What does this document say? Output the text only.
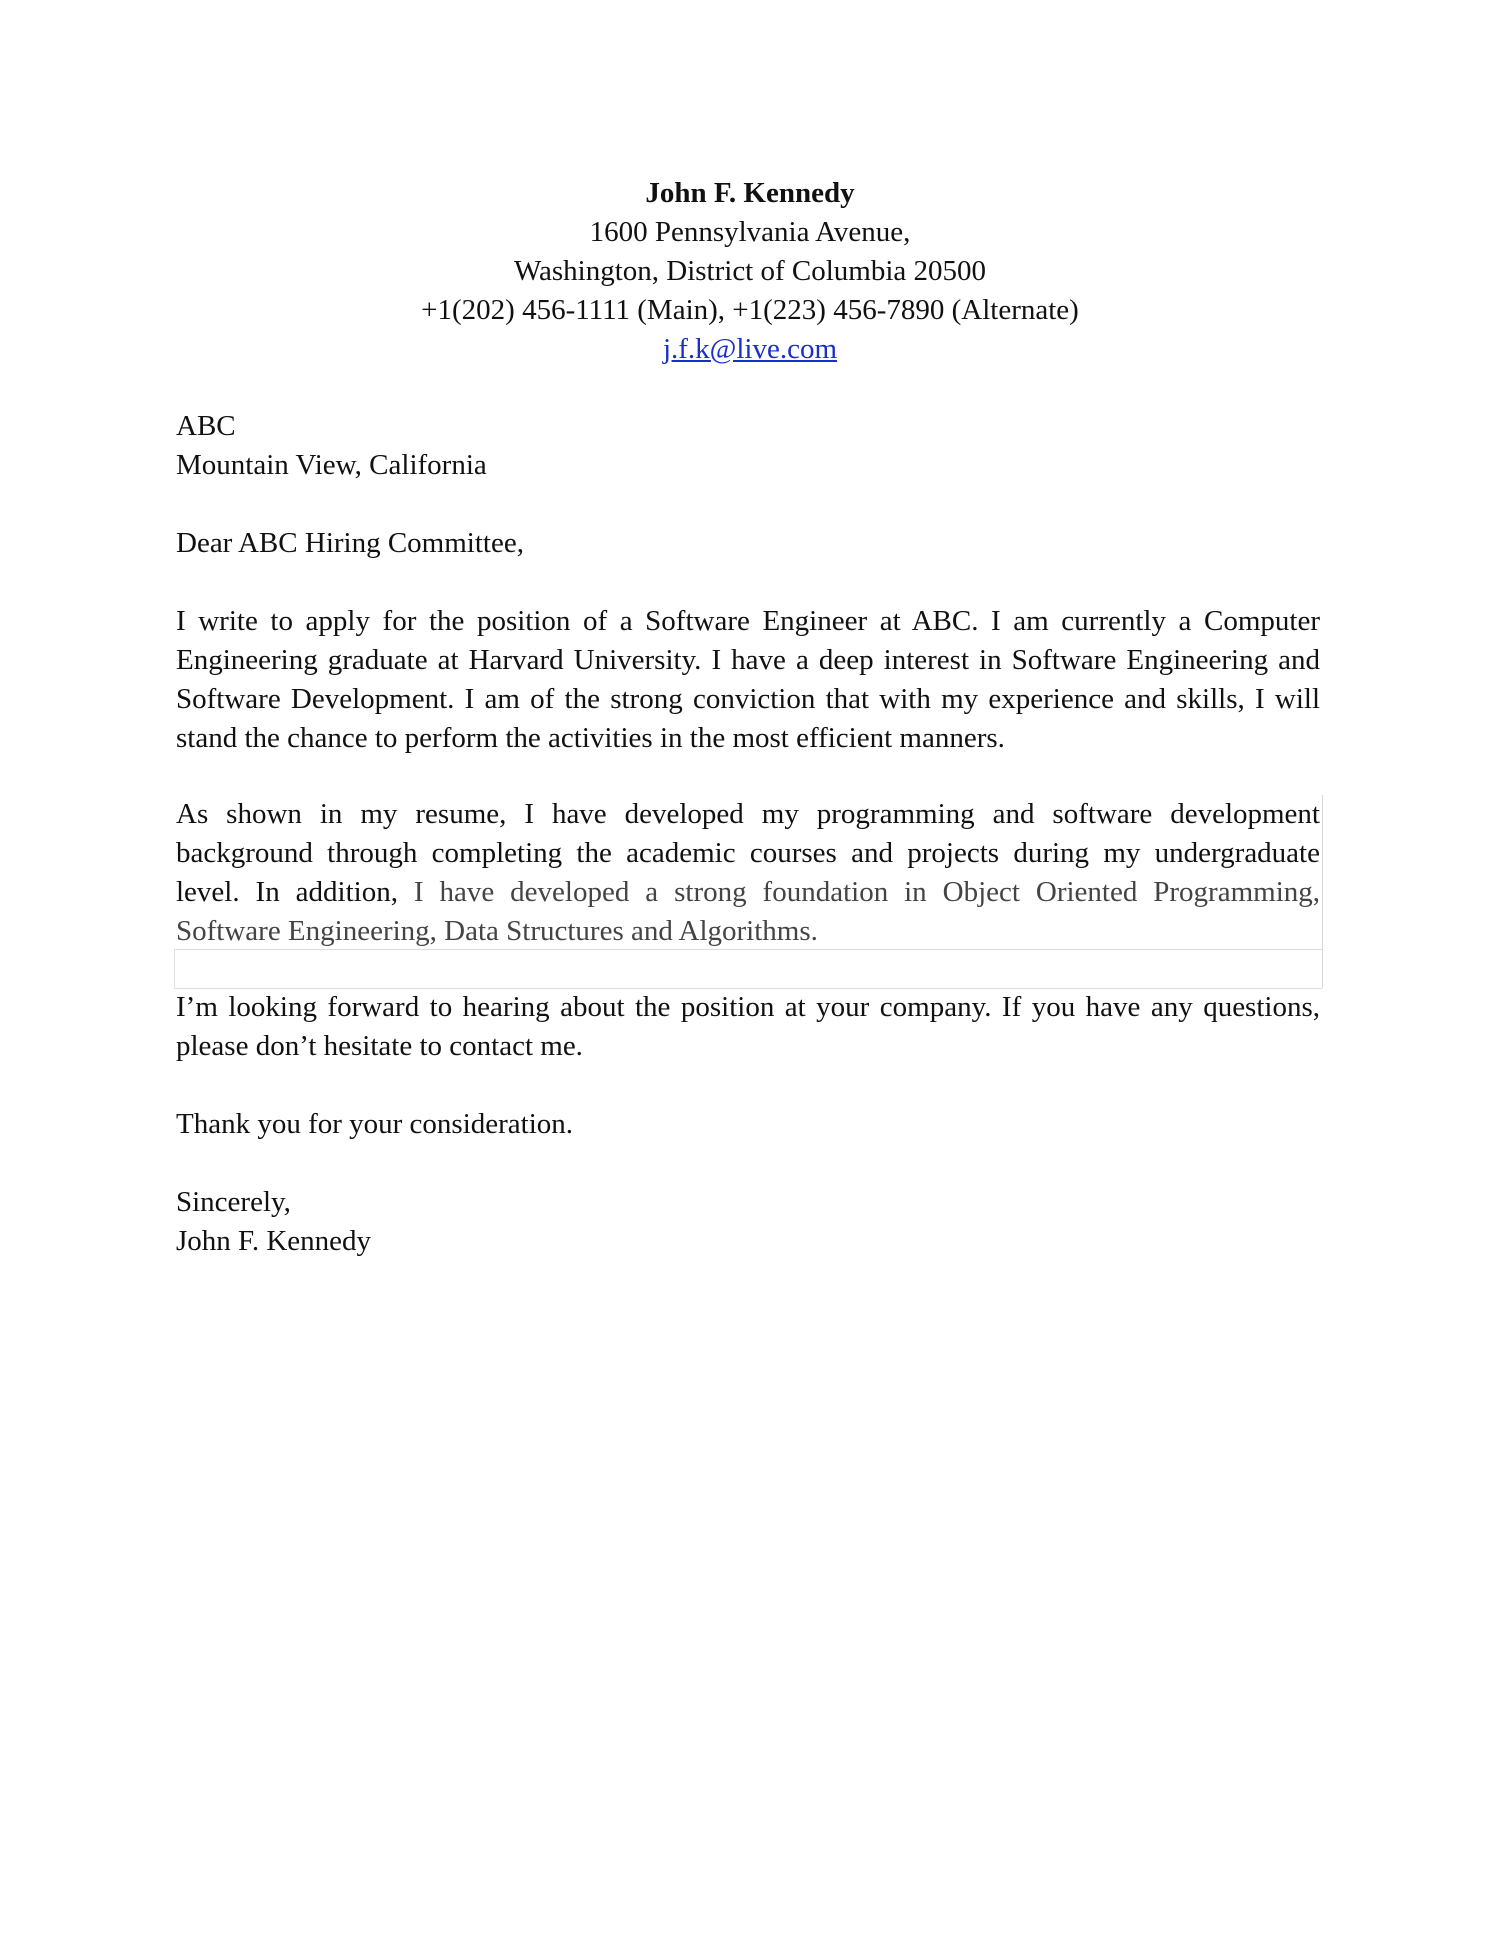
John F. Kennedy
1600 Pennsylvania Avenue,
Washington, District of Columbia 20500
+1(202) 456-1111 (Main), +1(223) 456-7890 (Alternate)
j.f.k@live.com
ABC
Mountain View, California
Dear ABC Hiring Committee,
I write to apply for the position of a Software Engineer at ABC. I am currently a Computer Engineering graduate at Harvard University. I have a deep interest in Software Engineering and Software Development. I am of the strong conviction that with my experience and skills, I will stand the chance to perform the activities in the most efficient manners.
As shown in my resume, I have developed my programming and software development background through completing the academic courses and projects during my undergraduate level. In addition, I have developed a strong foundation in Object Oriented Programming, Software Engineering, Data Structures and Algorithms.
I’m looking forward to hearing about the position at your company. If you have any questions, please don’t hesitate to contact me.
Thank you for your consideration.
Sincerely,
John F. Kennedy
